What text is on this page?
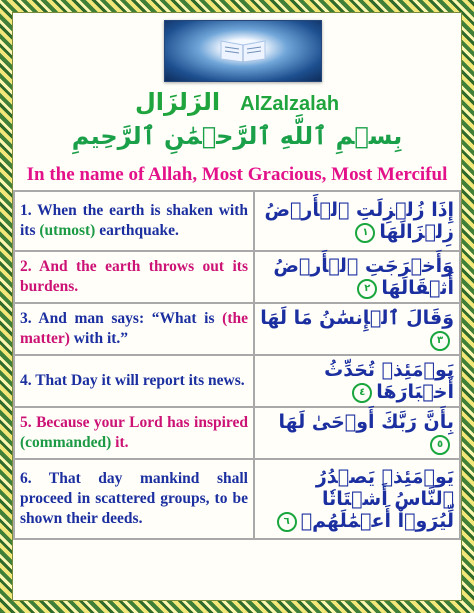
الزَلزَال AlZalzalah
بِسۡمِ ٱللَّهِ ٱلرَّحۡمَٰنِ ٱلرَّحِيمِ
In the name of Allah, Most Gracious, Most Merciful
1. When the earth is shaken with its (utmost) earthquake.	إِذَا زُلۡزِلَتِ ٱلۡأَرۡضُ زِلۡزَالَهَا١
2. And the earth throws out its burdens.	وَأَخۡرَجَتِ ٱلۡأَرۡضُ أَثۡقَالَهَا٢
3. And man says: “What is (the matter) with it.”	وَقَالَ ٱلۡإِنسَٰنُ مَا لَهَا٣
4. That Day it will report its news.	يَوۡمَئِذٖ تُحَدِّثُ أَخۡبَارَهَا٤
5. Because your Lord has inspired (commanded) it.	بِأَنَّ رَبَّكَ أَوۡحَىٰ لَهَا٥
6. That day mankind shall proceed in scattered groups, to be shown their deeds.	يَوۡمَئِذٖ يَصۡدُرُ ٱلنَّاسُ أَشۡتَاتٗا لِّيُرَوۡاْ أَعۡمَٰلَهُمۡ٦
